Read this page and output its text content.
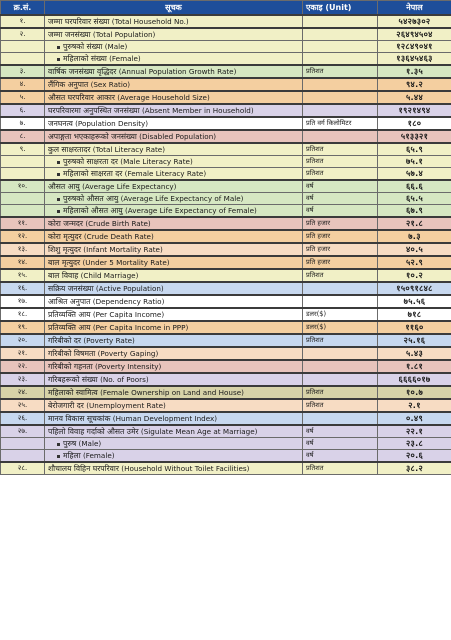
क्र.सं.	सूचक	एकाइ (Unit)	नेपाल
१.	जम्मा घरपरिवार संख्या (Total Household No.)		५४२७३०२
२.	जम्मा जनसंख्या (Total Population)		२६४९४५०४
	पुरुषको संख्या (Male)		१२८४९०४१
	महिलाको संख्या (Female)		१३६४५४६३
३.	वार्षिक जनसंख्या वृद्धिदर (Annual Population Growth Rate)	प्रतिशत	१.३५
४.	लैंगिक अनुपात (Sex Ratio)		९४.२
५.	औसत घरपरिवार आकार (Average Household Size)		५.४४
६.	घरपरिवारमा अनुपस्थित जनसंख्या (Absent Member in Household)		१९२१४९४
७.	जनघनत्व (Population Density)	प्रति वर्ग किलोमिटर	१८०
८.	अपाङ्गता भएकाहरूको जनसंख्या (Disabled Population)		५१३३२१
९.	कुल साक्षरतादर (Total Literacy Rate)	प्रतिशत	६५.९
	पुरुषको साक्षरता दर (Male Literacy Rate)	प्रतिशत	७५.१
	महिलाको साक्षरता दर (Female Literacy Rate)	प्रतिशत	५७.४
१०.	औसत आयु (Average Life Expectancy)	वर्ष	६६.६
	पुरुषको औसत आयु (Average Life Expectancy of Male)	वर्ष	६५.५
	महिलाको औसत आयु (Average Life Expectancy of Female)	वर्ष	६७.९
११.	कोरा जन्मदर (Crude Birth Rate)	प्रति हजार	२१.८
१२.	कोरा मृत्युदर (Crude Death Rate)	प्रति हजार	७.३
१३.	शिशु मृत्युदर (Infant Mortality Rate)	प्रति हजार	४०.५
१४.	बाल मृत्युदर (Under 5 Mortality Rate)	प्रति हजार	५२.९
१५.	बाल विवाह (Child Marriage)	प्रतिशत	१०.२
१६.	सक्रिय जनसंख्या (Active Population)		१५०९१८४८
१७.	आश्रित अनुपात (Dependency Ratio)		७५.५६
१८.	प्रतिव्यक्ति आय (Per Capita Income)	डलर($)	७१८
१९.	प्रतिव्यक्ति आय (Per Capita Income in PPP)	डलर($)	११६०
२०.	गरिबीको दर (Poverty Rate)	प्रतिशत	२५.१६
२१.	गरिबीको विषमता (Poverty Gaping)		५.४३
२२.	गरिबीको गहनता (Poverty Intensity)		१.८१
२३.	गरिबहरूको संख्या (No. of Poors)		६६६६०१७
२४.	महिलाको स्वामित्व (Female Ownership on Land and House)	प्रतिशत	१०.७
२५.	बेरोजगारी दर (Unemployment Rate)	प्रतिशत	२.१
२६.	मानव विकास सूचकांक (Human Development Index)		०.४९
२७.	पहिलो विवाह गर्दाको औसत उमेर (Sigulate Mean Age at Marriage)	वर्ष	२२.१
	पुरुष (Male)	वर्ष	२३.८
	महिला (Female)	वर्ष	२०.६
२८.	शौचालय विहिन घरपरिवार (Household Without Toilet Facilities)	प्रतिशत	३८.२
